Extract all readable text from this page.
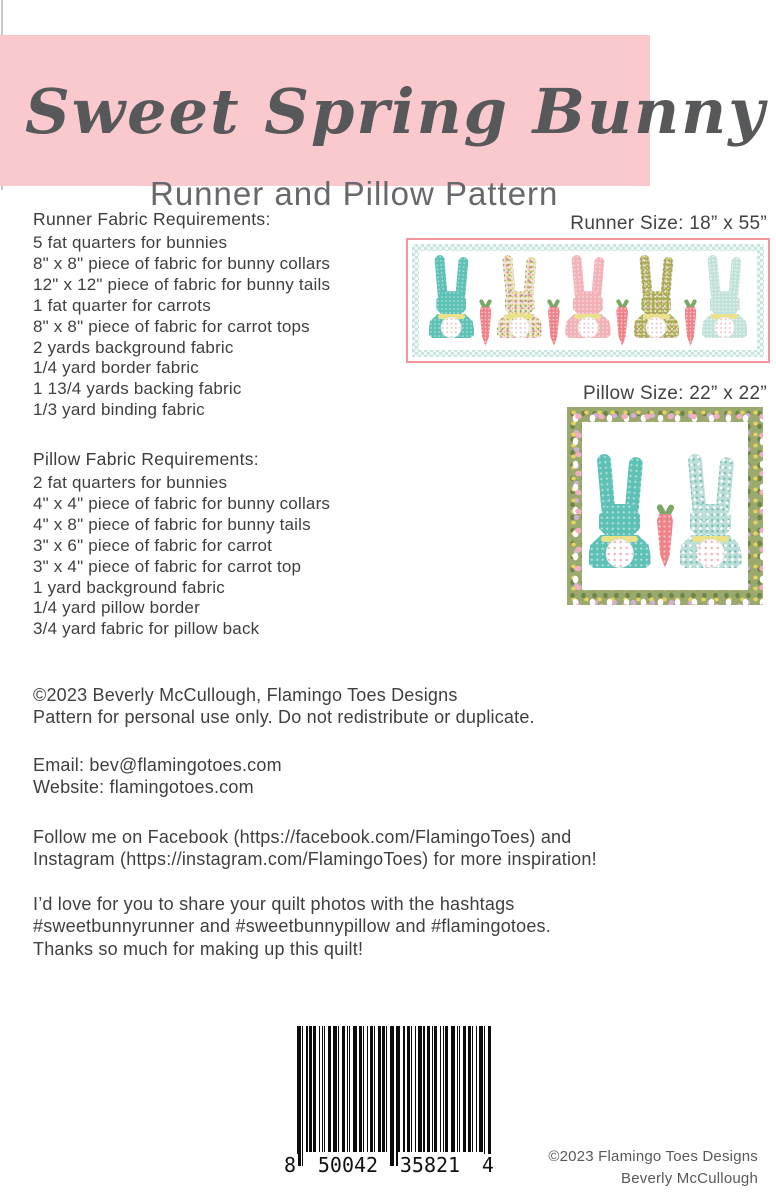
Sweet Spring Bunny
Runner and Pillow Pattern
Runner Fabric Requirements:
5 fat quarters for bunnies
8" x 8" piece of fabric for bunny collars
12" x 12" piece of fabric for bunny tails
1 fat quarter for carrots
8" x 8" piece of fabric for carrot tops
2 yards background fabric
1/4 yard border fabric
1 13/4 yards backing fabric
1/3 yard binding fabric
Pillow Fabric Requirements:
2 fat quarters for bunnies
4" x 4" piece of fabric for bunny collars
4" x 8" piece of fabric for bunny tails
3" x 6" piece of fabric for carrot
3" x 4" piece of fabric for carrot top
1 yard background fabric
1/4 yard pillow border
3/4 yard fabric for pillow back
Runner Size: 18” x 55”
Pillow Size: 22” x 22”

©2023 Beverly McCullough, Flamingo Toes Designs

Pattern for personal use only. Do not redistribute or duplicate.

Email: bev@flamingotoes.com

Website: flamingotoes.com

Follow me on Facebook (https://facebook.com/FlamingoToes) and

Instagram (https://instagram.com/FlamingoToes) for more inspiration!

I’d love for you to share your quilt photos with the hashtags

#sweetbunnyrunner and #sweetbunnypillow and #flamingotoes.

Thanks so much for making up this quilt!

8 50042 35821 4	©2023 Flamingo Toes Designs

Beverly McCullough
